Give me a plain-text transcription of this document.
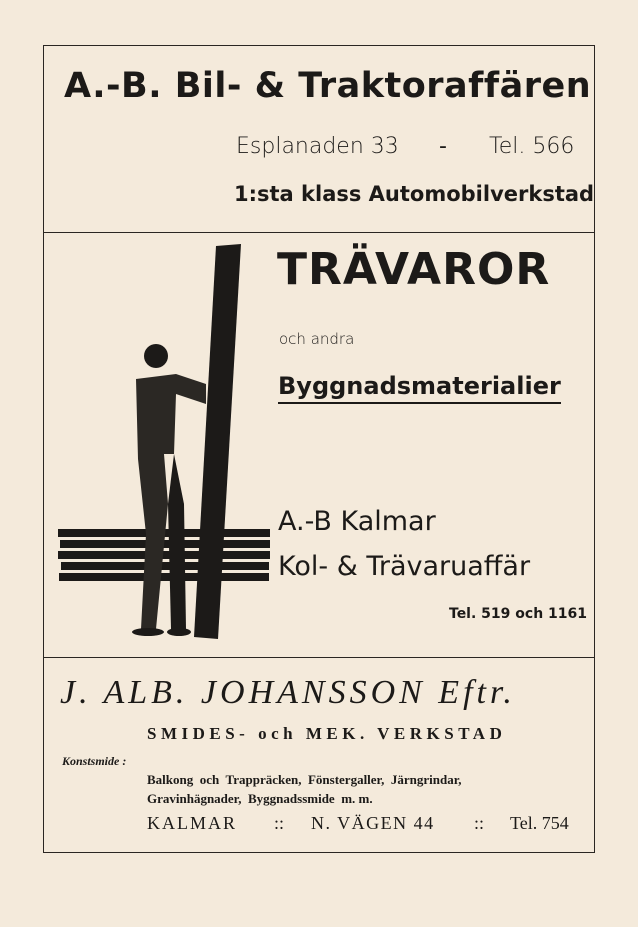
A.-B. Bil- & Traktoraffären
Esplanaden 33 - Tel. 566
1:sta klass Automobilverkstad
TRÄVAROR
och andra
Byggnadsmaterialier
A.-B Kalmar
Kol- & Trävaruaffär
Tel. 519 och 1161
J. ALB. JOHANSSON Eftr.
SMIDES- och MEK. VERKSTAD
Konstsmide :
Balkong  och  Trappräcken,  Fönstergaller,  Järngrindar,
Gravinhägnader,  Byggnadssmide  m. m.
KALMAR :: N. VÄGEN 44 :: Tel. 754
